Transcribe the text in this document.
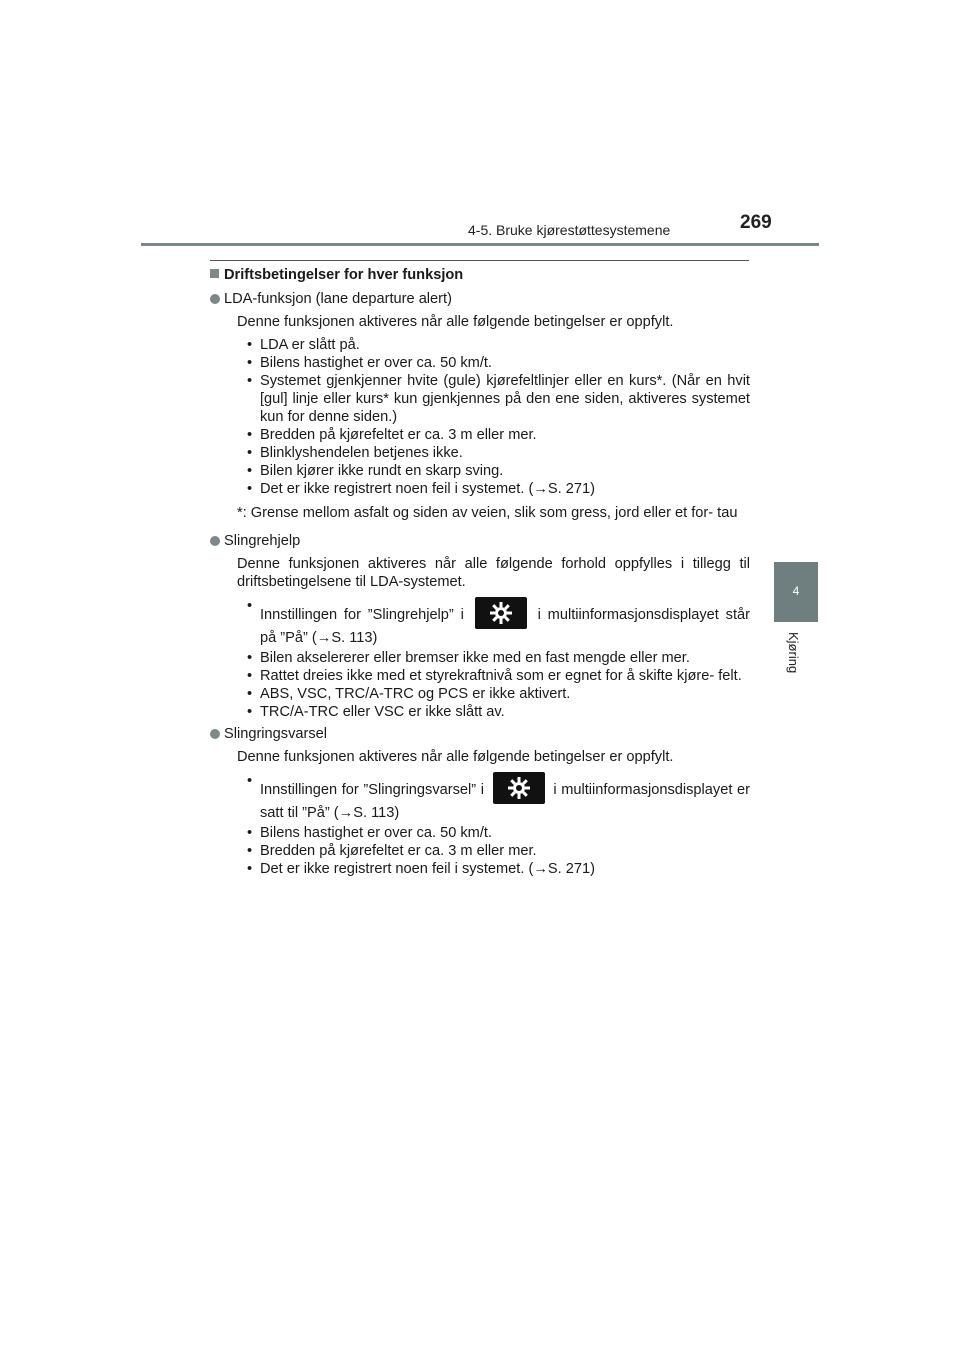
4-5. Bruke kjørestøttesystemene	269
4
Kjøring
Driftsbetingelser for hver funksjon
LDA-funksjon (lane departure alert)
Denne funksjonen aktiveres når alle følgende betingelser er oppfylt.
• LDA er slått på.
• Bilens hastighet er over ca. 50 km/t.
• Systemet gjenkjenner hvite (gule) kjørefeltlinjer eller en kurs*. (Når en hvit [gul] linje eller kurs* kun gjenkjennes på den ene siden, aktiveres systemet kun for denne siden.)
• Bredden på kjørefeltet er ca. 3 m eller mer.
• Blinklyshendelen betjenes ikke.
• Bilen kjører ikke rundt en skarp sving.
• Det er ikke registrert noen feil i systemet. (→S. 271)
*: Grense mellom asfalt og siden av veien, slik som gress, jord eller et for- tau
Slingrehjelp
Denne funksjonen aktiveres når alle følgende forhold oppfylles i tillegg til driftsbetingelsene til LDA-systemet.
• Innstillingen for ”Slingrehjelp” i	i multiinformasjonsdisplayet står på ”På” (→S. 113)
• Bilen akselererer eller bremser ikke med en fast mengde eller mer.
• Rattet dreies ikke med et styrekraftnivå som er egnet for å skifte kjøre- felt.
• ABS, VSC, TRC/A-TRC og PCS er ikke aktivert.
• TRC/A-TRC eller VSC er ikke slått av.
Slingringsvarsel
Denne funksjonen aktiveres når alle følgende betingelser er oppfylt.
• Innstillingen for ”Slingringsvarsel” i	i multiinformasjonsdisplayet er satt til ”På” (→S. 113)
• Bilens hastighet er over ca. 50 km/t.
• Bredden på kjørefeltet er ca. 3 m eller mer.
• Det er ikke registrert noen feil i systemet. (→S. 271)
